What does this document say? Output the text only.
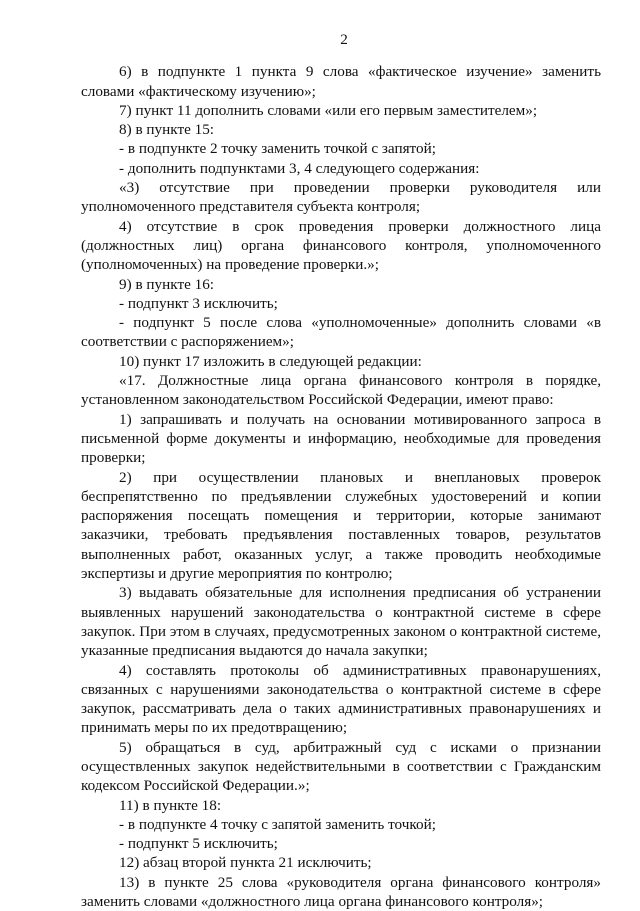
2

6) в подпункте 1 пункта 9 слова «фактическое изучение» заменить словами «фактическому изучению»;

7) пункт 11 дополнить словами «или его первым заместителем»;

8) в пункте 15:

- в подпункте 2 точку заменить точкой с запятой;

- дополнить подпунктами 3, 4 следующего содержания:

«3) отсутствие при проведении проверки руководителя или уполномоченного представителя субъекта контроля;

4) отсутствие в срок проведения проверки должностного лица (должностных лиц) органа финансового контроля, уполномоченного (уполномоченных) на проведение проверки.»;

9) в пункте 16:

- подпункт 3 исключить;

- подпункт 5 после слова «уполномоченные» дополнить словами «в соответствии с распоряжением»;

10) пункт 17 изложить в следующей редакции:

«17. Должностные лица органа финансового контроля в порядке, установленном законодательством Российской Федерации, имеют право:

1) запрашивать и получать на основании мотивированного запроса в письменной форме документы и информацию, необходимые для проведения проверки;

2) при осуществлении плановых и внеплановых проверок беспрепятственно по предъявлении служебных удостоверений и копии распоряжения посещать помещения и территории, которые занимают заказчики, требовать предъявления поставленных товаров, результатов выполненных работ, оказанных услуг, а также проводить необходимые экспертизы и другие мероприятия по контролю;

3) выдавать обязательные для исполнения предписания об устранении выявленных нарушений законодательства о контрактной системе в сфере закупок. При этом в случаях, предусмотренных законом о контрактной системе, указанные предписания выдаются до начала закупки;

4) составлять протоколы об административных правонарушениях, связанных с нарушениями законодательства о контрактной системе в сфере закупок, рассматривать дела о таких административных правонарушениях и принимать меры по их предотвращению;

5) обращаться в суд, арбитражный суд с исками о признании осуществленных закупок недействительными в соответствии с Гражданским кодексом Российской Федерации.»;

11) в пункте 18:

- в подпункте 4 точку с запятой заменить точкой;

- подпункт 5 исключить;

12) абзац второй пункта 21 исключить;

13) в пункте 25 слова «руководителя органа финансового контроля» заменить словами «должностного лица органа финансового контроля»;
